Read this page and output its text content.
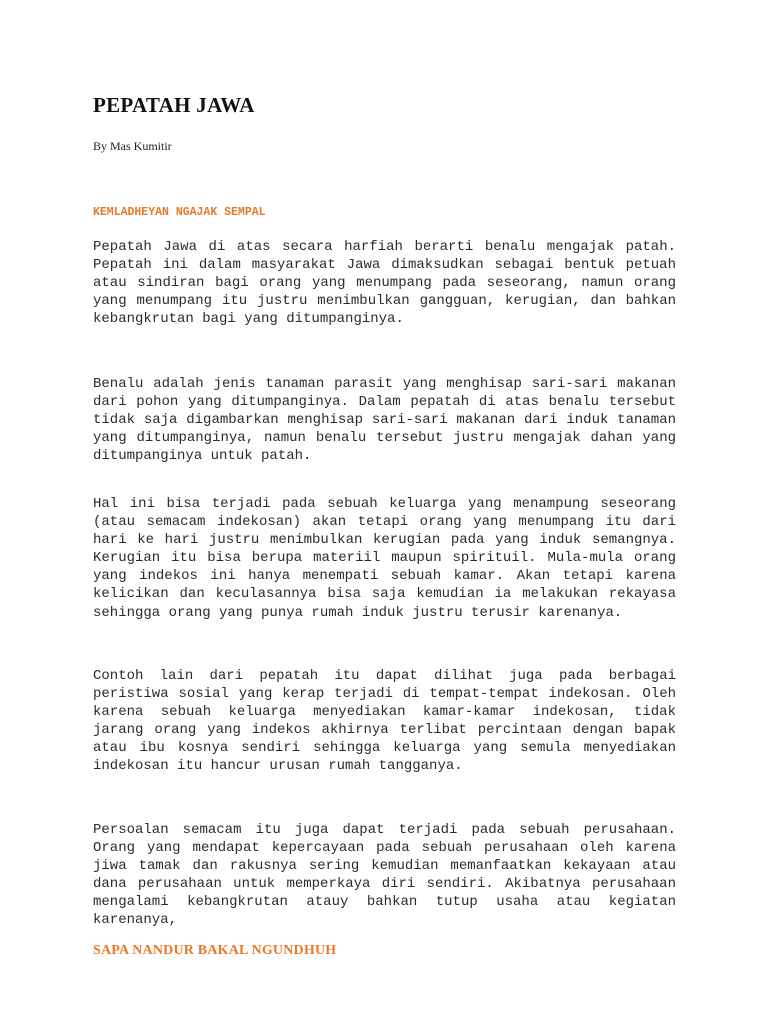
PEPATAH JAWA
By Mas Kumitir
KEMLADHEYAN NGAJAK SEMPAL

Pepatah Jawa di atas secara harfiah berarti benalu mengajak patah. Pepatah ini dalam masyarakat Jawa dimaksudkan sebagai bentuk petuah atau sindiran bagi orang yang menumpang pada seseorang, namun orang yang menumpang itu justru menimbulkan gangguan, kerugian, dan bahkan kebangkrutan bagi yang ditumpanginya.

Benalu adalah jenis tanaman parasit yang menghisap sari-sari makanan dari pohon yang ditumpanginya. Dalam pepatah di atas benalu tersebut tidak saja digambarkan menghisap sari-sari makanan dari induk tanaman yang ditumpanginya, namun benalu tersebut justru mengajak dahan yang ditumpanginya untuk patah.

Hal ini bisa terjadi pada sebuah keluarga yang menampung seseorang (atau semacam indekosan) akan tetapi orang yang menumpang itu dari hari ke hari justru menimbulkan kerugian pada yang induk semangnya. Kerugian itu bisa berupa materiil maupun spirituil. Mula-mula orang yang indekos ini hanya menempati sebuah kamar. Akan tetapi karena kelicikan dan keculasannya bisa saja kemudian ia melakukan rekayasa sehingga orang yang punya rumah induk justru terusir karenanya.

Contoh lain dari pepatah itu dapat dilihat juga pada berbagai peristiwa sosial yang kerap terjadi di tempat-tempat indekosan. Oleh karena sebuah keluarga menyediakan kamar-kamar indekosan, tidak jarang orang yang indekos akhirnya terlibat percintaan dengan bapak atau ibu kosnya sendiri sehingga keluarga yang semula menyediakan indekosan itu hancur urusan rumah tangganya.

Persoalan semacam itu juga dapat terjadi pada sebuah perusahaan. Orang yang mendapat kepercayaan pada sebuah perusahaan oleh karena jiwa tamak dan rakusnya sering kemudian memanfaatkan kekayaan atau dana perusahaan untuk memperkaya diri sendiri. Akibatnya perusahaan mengalami kebangkrutan atauy bahkan tutup usaha atau kegiatan karenanya,

SAPA NANDUR BAKAL NGUNDHUH
